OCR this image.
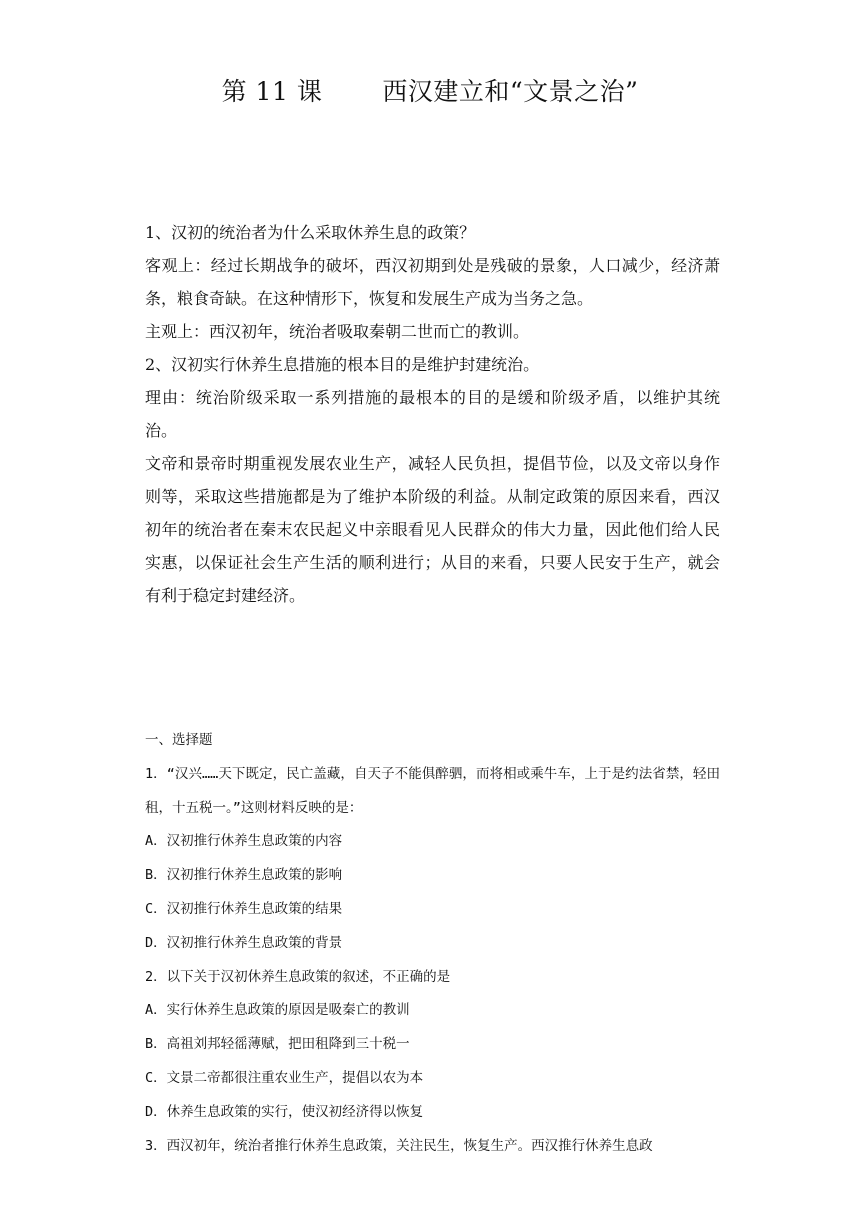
第 11 课 西汉建立和“文景之治”

1、汉初的统治者为什么采取休养生息的政策？

客观上：经过长期战争的破坏，西汉初期到处是残破的景象，人口减少，经济萧条，粮食奇缺。在这种情形下，恢复和发展生产成为当务之急。

主观上：西汉初年，统治者吸取秦朝二世而亡的教训。

2、汉初实行休养生息措施的根本目的是维护封建统治。

理由：统治阶级采取一系列措施的最根本的目的是缓和阶级矛盾，以维护其统治。

文帝和景帝时期重视发展农业生产，减轻人民负担，提倡节俭，以及文帝以身作则等，采取这些措施都是为了维护本阶级的利益。从制定政策的原因来看，西汉初年的统治者在秦末农民起义中亲眼看见人民群众的伟大力量，因此他们给人民实惠，以保证社会生产生活的顺利进行；从目的来看，只要人民安于生产，就会有利于稳定封建经济。

一、选择题

1．“汉兴……天下既定，民亡盖藏，自天子不能俱醉驷，而将相或乘牛车，上于是约法省禁，轻田租，十五税一。”这则材料反映的是：

A．汉初推行休养生息政策的内容

B．汉初推行休养生息政策的影响

C．汉初推行休养生息政策的结果

D．汉初推行休养生息政策的背景

2．以下关于汉初休养生息政策的叙述，不正确的是

A．实行休养生息政策的原因是吸秦亡的教训

B．高祖刘邦轻徭薄赋，把田租降到三十税一

C．文景二帝都很注重农业生产，提倡以农为本

D．休养生息政策的实行，使汉初经济得以恢复

3．西汉初年，统治者推行休养生息政策，关注民生，恢复生产。西汉推行休养生息政
